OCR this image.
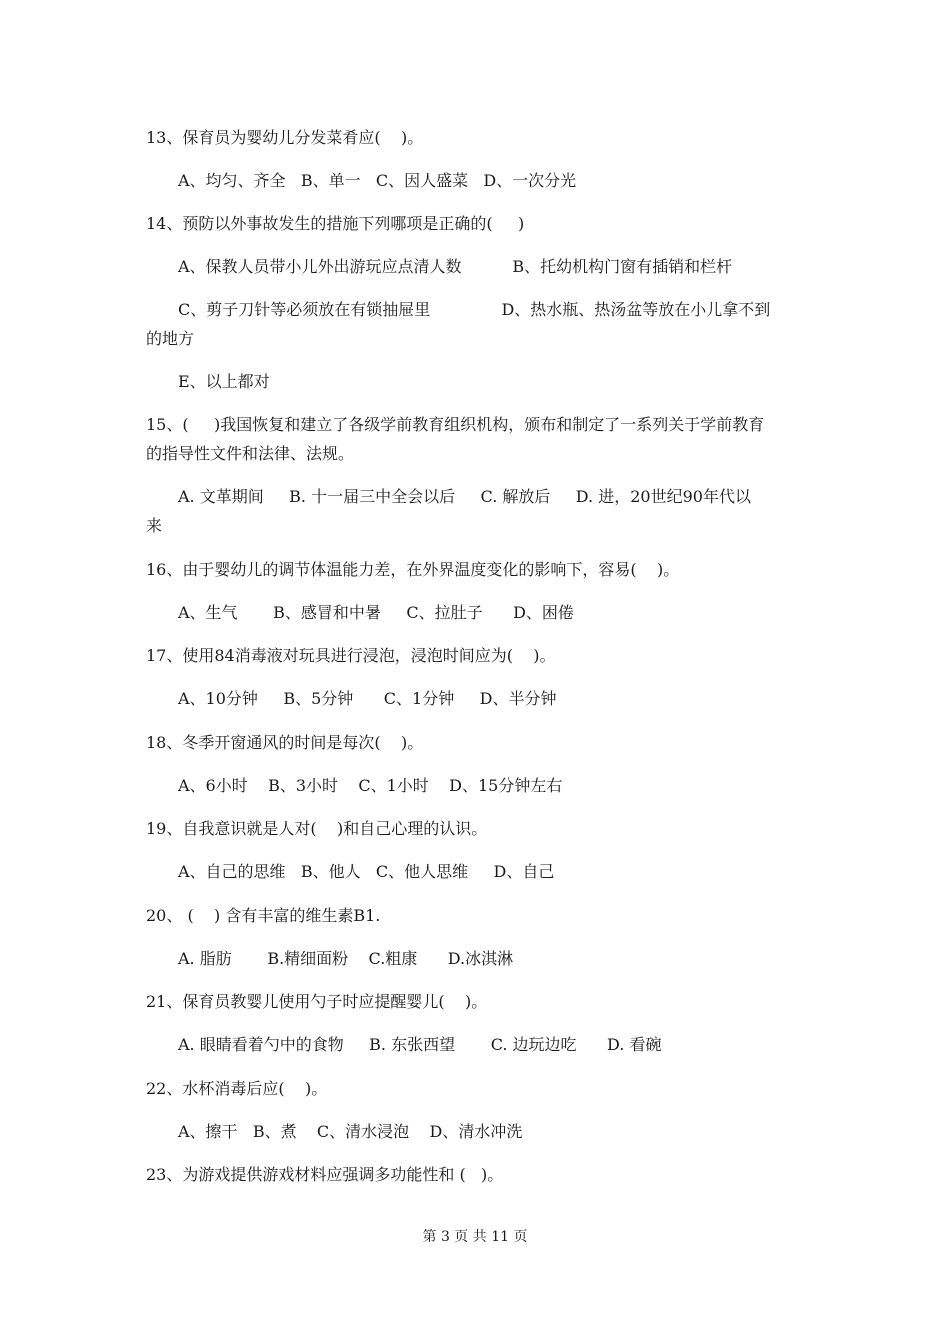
13、保育员为婴幼儿分发菜肴应(    )。
A、均匀、齐全   B、单一   C、因人盛菜   D、一次分光
14、预防以外事故发生的措施下列哪项是正确的(     )
A、保教人员带小儿外出游玩应点清人数          B、托幼机构门窗有插销和栏杆
C、剪子刀针等必须放在有锁抽屉里              D、热水瓶、热汤盆等放在小儿拿不到
的地方
E、以上都对
15、(     )我国恢复和建立了各级学前教育组织机构，颁布和制定了一系列关于学前教育
的指导性文件和法律、法规。
A. 文革期间     B. 十一届三中全会以后     C. 解放后     D. 进，20世纪90年代以
来
16、由于婴幼儿的调节体温能力差，在外界温度变化的影响下，容易(    )。
A、生气       B、感冒和中暑     C、拉肚子      D、困倦
17、使用84消毒液对玩具进行浸泡，浸泡时间应为(    )。
A、10分钟     B、5分钟      C、1分钟     D、半分钟
18、冬季开窗通风的时间是每次(    )。
A、6小时    B、3小时    C、1小时    D、15分钟左右
19、自我意识就是人对(    )和自己心理的认识。
A、自己的思维   B、他人   C、他人思维     D、自己
20、 (    ) 含有丰富的维生素B1.
A. 脂肪       B.精细面粉    C.粗康      D.冰淇淋
21、保育员教婴儿使用勺子时应提醒婴儿(    )。
A. 眼睛看着勺中的食物     B. 东张西望       C. 边玩边吃      D. 看碗
22、水杯消毒后应(    )。
A、擦干   B、煮    C、清水浸泡    D、清水冲洗
23、为游戏提供游戏材料应强调多功能性和 (   )。
第 3 页 共 11 页
